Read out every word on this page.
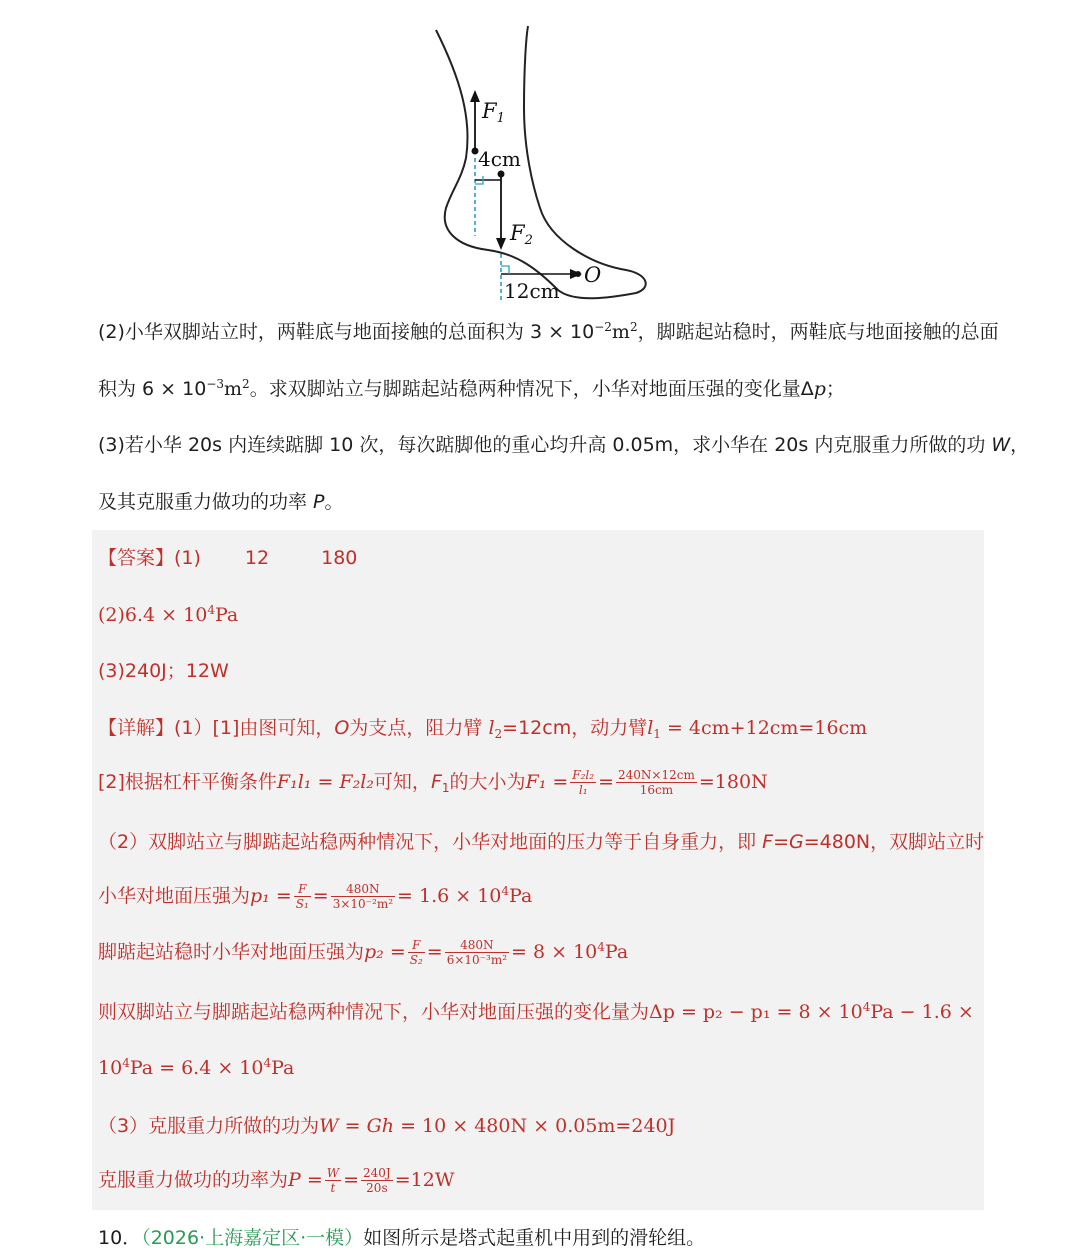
F1
4cm
F2
12cm
O
(2)小华双脚站立时，两鞋底与地面接触的总面积为 $3 \times 10^{-2}m^2$，脚踮起站稳时，两鞋底与地面接触的总面
积为 $6 \times 10^{-3}m^2$。求双脚站立与脚踮起站稳两种情况下，小华对地面压强的变化量Δp；
(3)若小华 20s 内连续踮脚 10 次，每次踮脚他的重心均升高 0.05m，求小华在 20s 内克服重力所做的功 W，
及其克服重力做功的功率 P。
【答案】(1) 12	180
$(2)6.4 \times 10^4Pa$
(3)240J；12W
【详解】(1）[1]由图可知，O为支点，阻力臂 $l_2=12cm$，动力臂$l_1 = 4cm+12cm=16cm$
[2]根据杠杆平衡条件F₁l₁ = F₂l₂可知，$F_1$的大小为$F_1 = \frac{\text{F₂l₂}}{\text{l₁}} = \frac{240N\times 12cm}{16cm} =180N$
（2）双脚站立与脚踮起站稳两种情况下，小华对地面的压力等于自身重力，即 F=G=480N，双脚站立时
小华对地面压强为$p_1 = \frac{F}{\text{S₁}} = \frac{480N}{\text{3×10⁻²m²}} = 1.6 \times 10^4Pa$
脚踮起站稳时小华对地面压强为$p_2 = \frac{F}{\text{S₂}} = \frac{480N}{\text{6×10⁻³m²}} = 8 \times 10^4Pa$
则双脚站立与脚踮起站稳两种情况下，小华对地面压强的变化量为$\Delta p = p_2 - p_1 = 8 \times 10^4Pa - 1.6$ ×
$10^4Pa = 6.4 \times 10^4Pa$
（3）克服重力所做的功为W = Gh = 10 × 480N × 0.05m=240J
克服重力做功的功率为$P = \frac{W}{t} = \frac{240J}{20s} =12W$
10．（2026·上海嘉定区·一模）如图所示是塔式起重机中用到的滑轮组。
